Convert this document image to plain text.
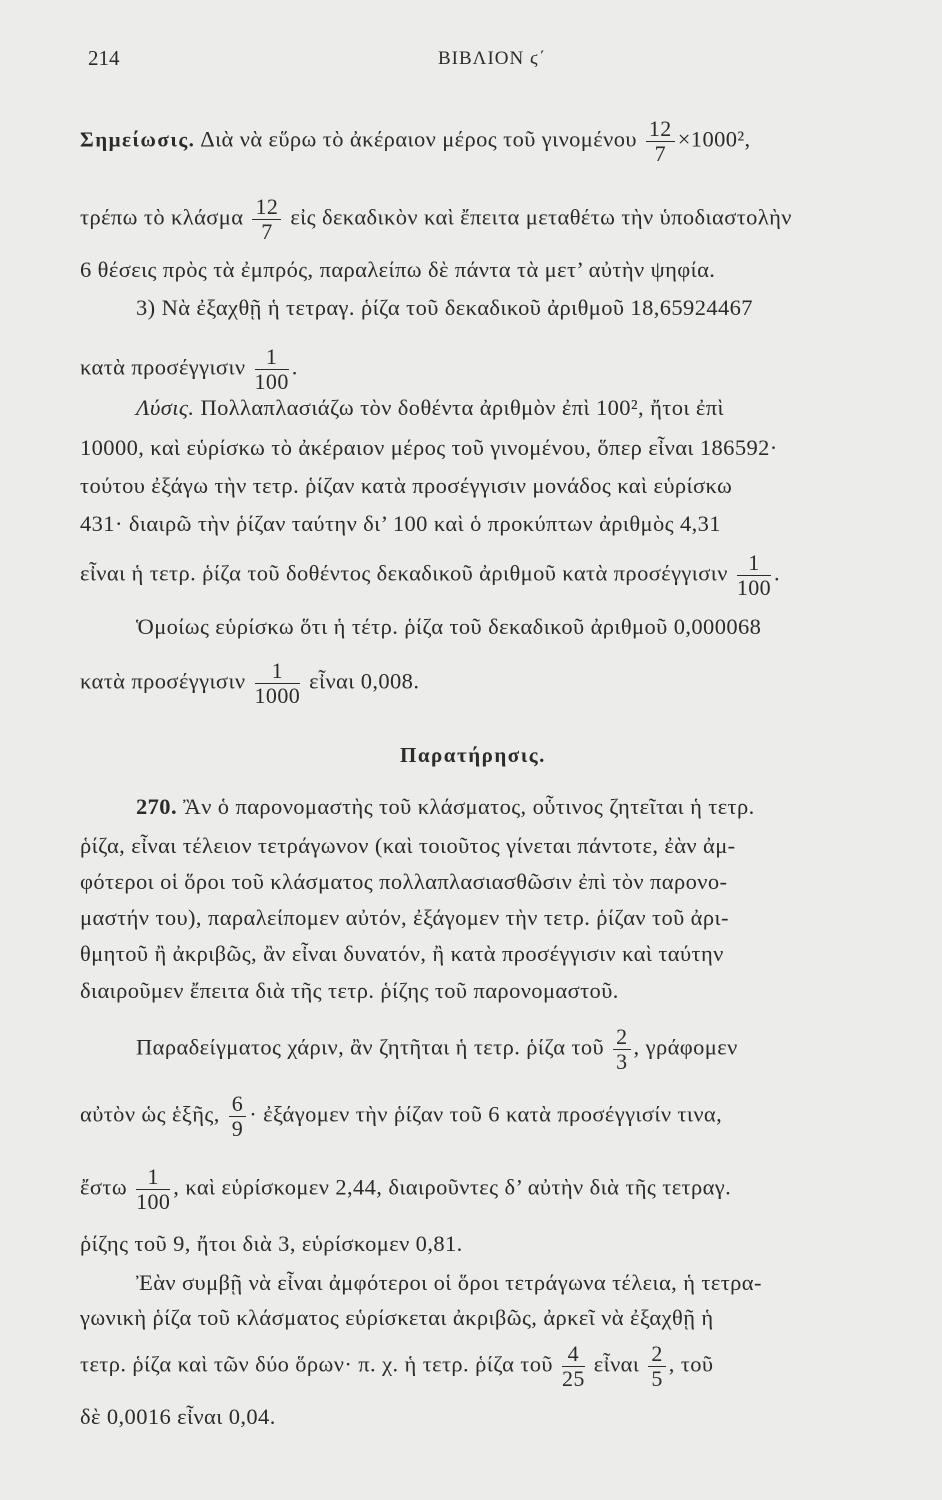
214	ΒΙΒΛΙΟΝ ϛ΄
Σημείωσις. Διὰ νὰ εὕρω τὸ ἀκέραιον μέρος τοῦ γινομένου $\frac{12}{7} \times 1000^2$,
τρέπω τὸ κλάσμα $\frac{12}{7}$ εἰς δεκαδικὸν καὶ ἔπειτα μεταθέτω τὴν ὑποδιαστολὴν
6 θέσεις πρὸς τὰ ἐμπρός, παραλείπω δὲ πάντα τὰ μετ’ αὐτὴν ψηφία.
3) Νὰ ἐξαχθῇ ἡ τετραγ. ῥίζα τοῦ δεκαδικοῦ ἀριθμοῦ 18,65924467
κατὰ προσέγγισιν $\frac{1}{100}$ .
Λύσις. Πολλαπλασιάζω τὸν δοθέντα ἀριθμὸν ἐπὶ 100², ἤτοι ἐπὶ
10000, καὶ εὑρίσκω τὸ ἀκέραιον μέρος τοῦ γινομένου, ὅπερ εἶναι 186592·
τούτου ἐξάγω τὴν τετρ. ῥίζαν κατὰ προσέγγισιν μονάδος καὶ εὑρίσκω
431· διαιρῶ τὴν ῥίζαν ταύτην δι’ 100 καὶ ὁ προκύπτων ἀριθμὸς 4,31
εἶναι ἡ τετρ. ῥίζα τοῦ δοθέντος δεκαδικοῦ ἀριθμοῦ κατὰ προσέγγισιν $\frac{1}{100}$ .
Ὁμοίως εὑρίσκω ὅτι ἡ τέτρ. ῥίζα τοῦ δεκαδικοῦ ἀριθμοῦ 0,000068
κατὰ προσέγγισιν $\frac{1}{1000}$ εἶναι 0,008.
Παρατήρησις.
270. Ἂν ὁ παρονομαστὴς τοῦ κλάσματος, οὗτινος ζητεῖται ἡ τετρ.
ῥίζα, εἶναι τέλειον τετράγωνον (καὶ τοιοῦτος γίνεται πάντοτε, ἐὰν ἀμ-
φότεροι οἱ ὅροι τοῦ κλάσματος πολλαπλασιασθῶσιν ἐπὶ τὸν παρονο-
μαστήν του), παραλείπομεν αὐτόν, ἐξάγομεν τὴν τετρ. ῥίζαν τοῦ ἀρι-
θμητοῦ ἢ ἀκριβῶς, ἂν εἶναι δυνατόν, ἢ κατὰ προσέγγισιν καὶ ταύτην
διαιροῦμεν ἔπειτα διὰ τῆς τετρ. ῥίζης τοῦ παρονομαστοῦ.
Παραδείγματος χάριν, ἂν ζητῆται ἡ τετρ. ῥίζα τοῦ $\frac{2}{3}$ , γράφομεν
αὐτὸν ὡς ἑξῆς, $\frac{6}{9}$ · ἐξάγομεν τὴν ῥίζαν τοῦ 6 κατὰ προσέγγισίν τινα,
ἔστω $\frac{1}{100}$ , καὶ εὑρίσκομεν 2,44, διαιροῦντες δ’ αὐτὴν διὰ τῆς τετραγ.
ῥίζης τοῦ 9, ἤτοι διὰ 3, εὑρίσκομεν 0,81.
Ἐὰν συμβῇ νὰ εἶναι ἀμφότεροι οἱ ὅροι τετράγωνα τέλεια, ἡ τετρα-
γωνικὴ ῥίζα τοῦ κλάσματος εὑρίσκεται ἀκριβῶς, ἀρκεῖ νὰ ἐξαχθῇ ἡ
τετρ. ῥίζα καὶ τῶν δύο ὅρων· π. χ. ἡ τετρ. ῥίζα τοῦ $\frac{4}{25}$ εἶναι $\frac{2}{5}$ , τοῦ
δὲ 0,0016 εἶναι 0,04.
